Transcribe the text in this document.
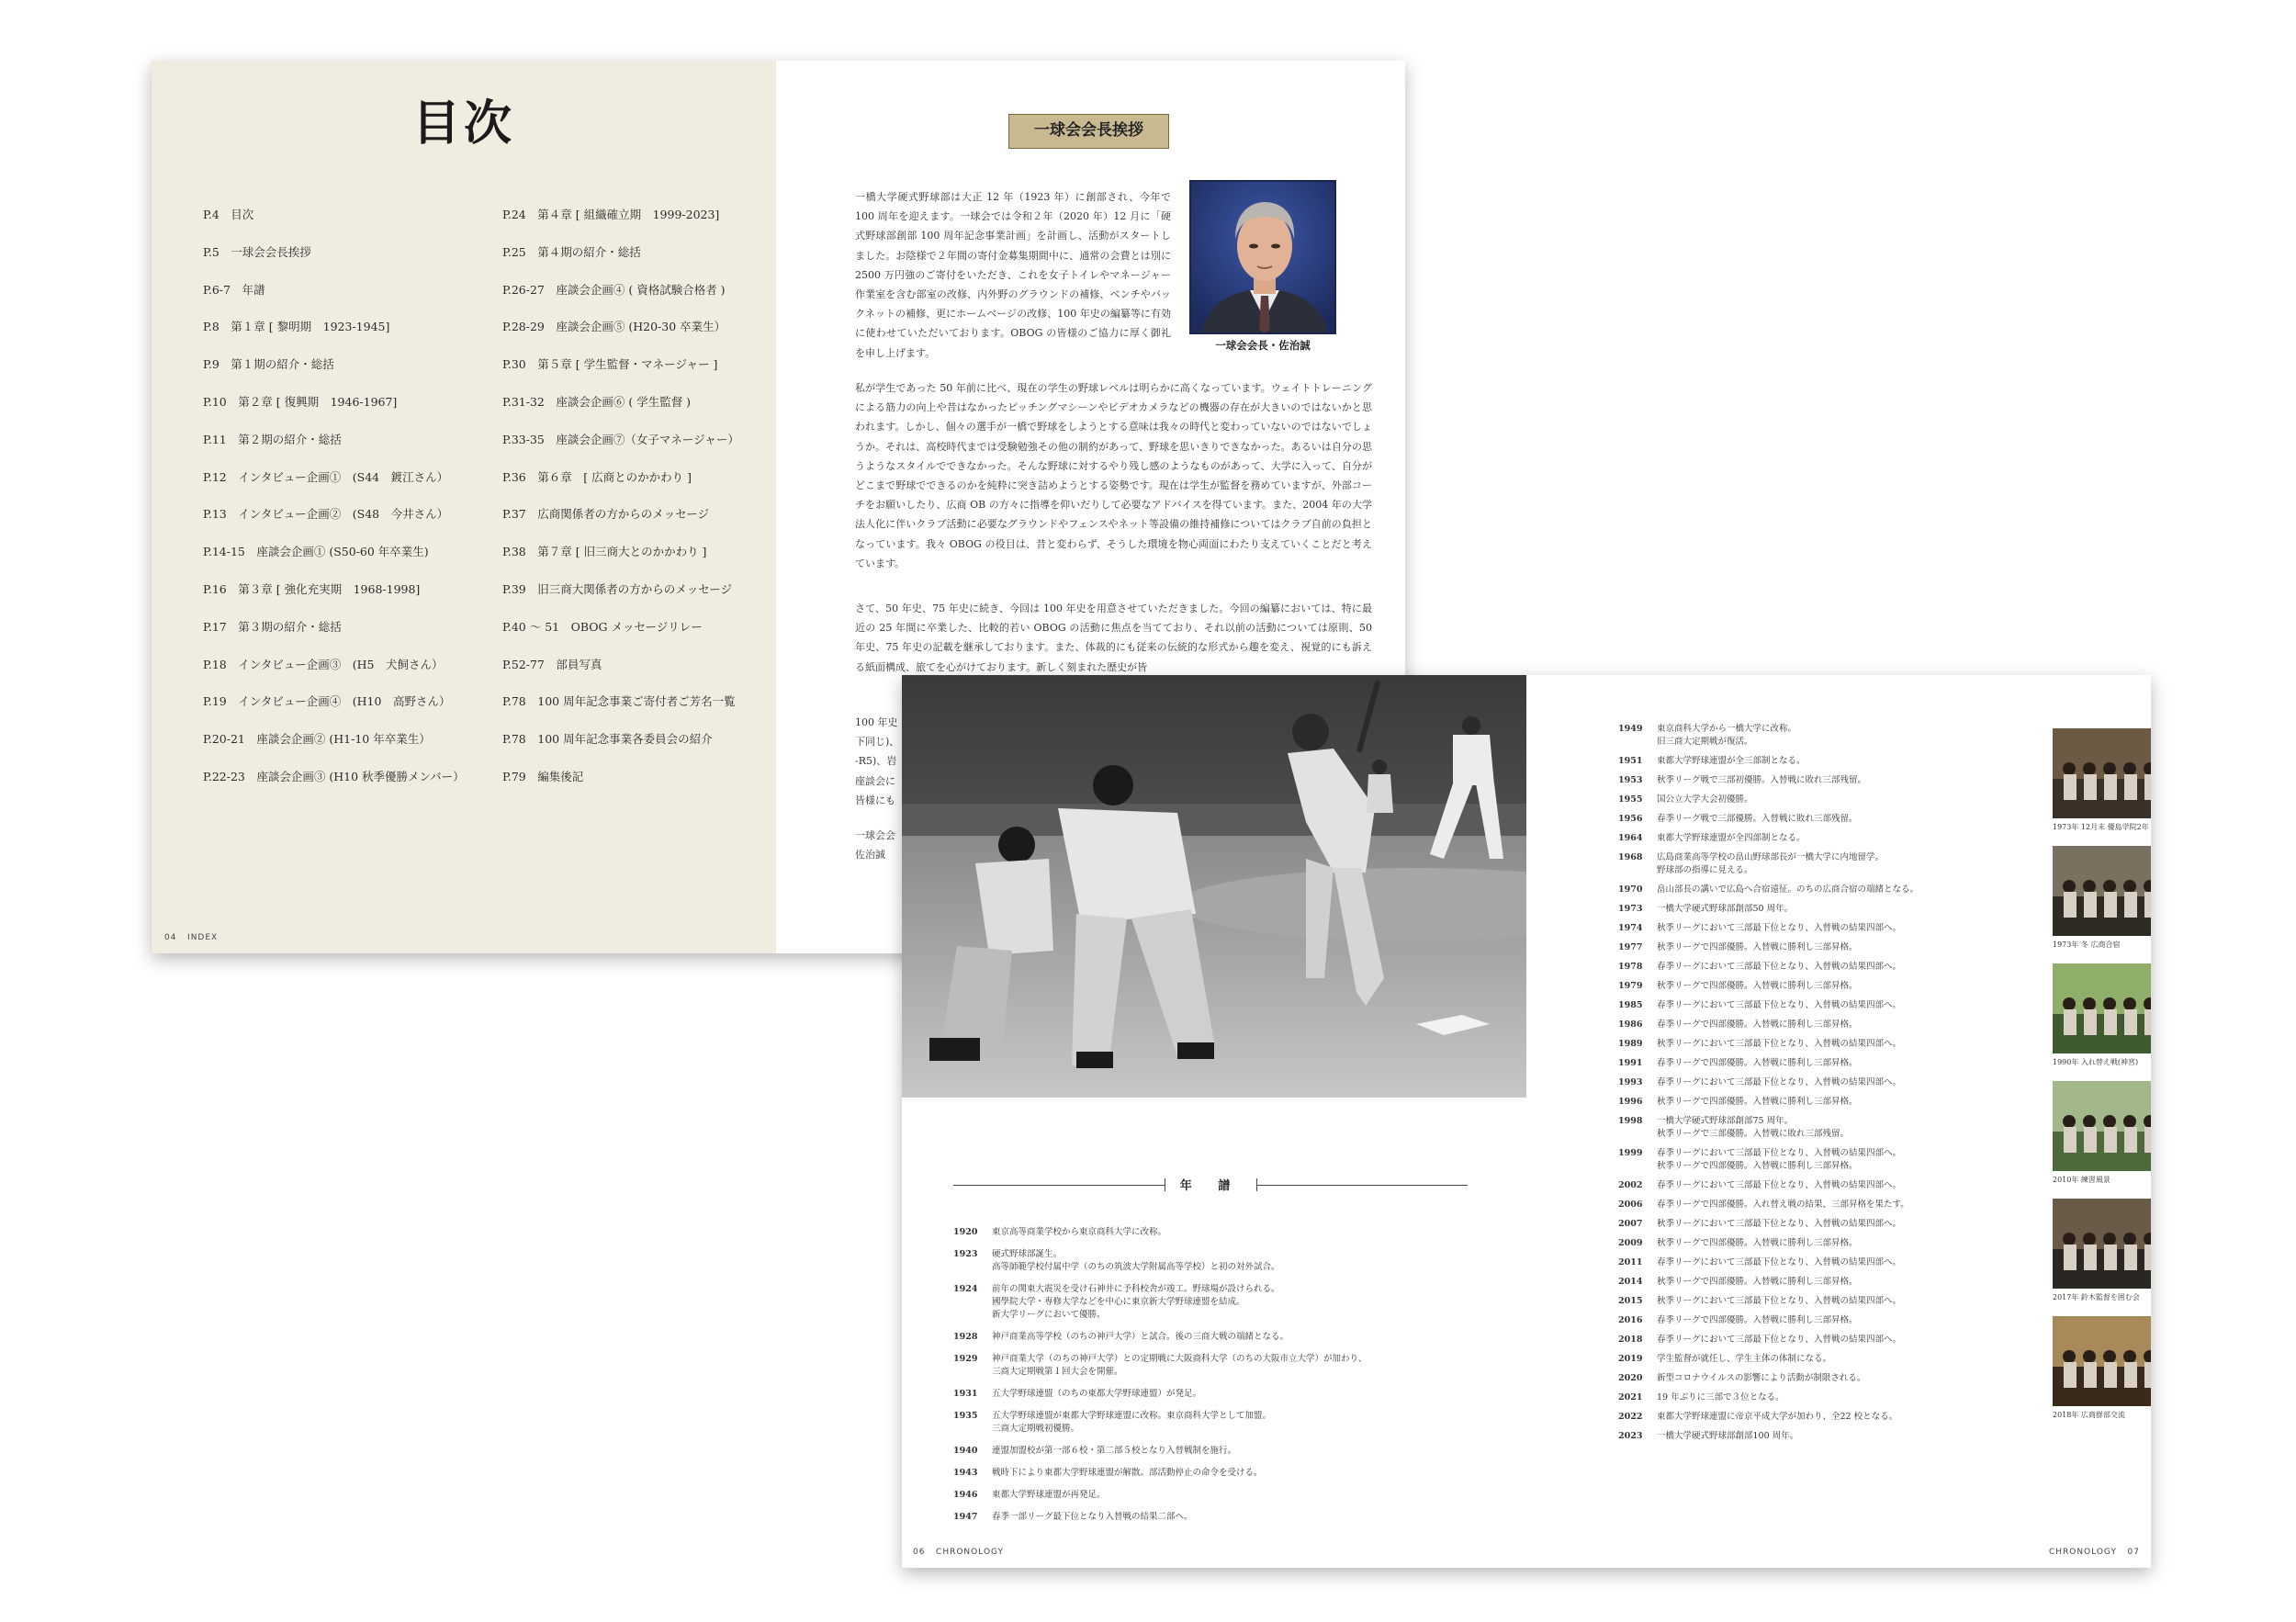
目次
P.4　目次
P.5　一球会会長挨拶
P.6-7　年譜
P.8　第１章 [ 黎明期　1923-1945]
P.9　第１期の紹介・総括
P.10　第２章 [ 復興期　1946-1967]
P.11　第２期の紹介・総括
P.12　インタビュー企画①　(S44　鍍江さん）
P.13　インタビュー企画②　(S48　今井さん）
P.14-15　座談会企画① (S50-60 年卒業生)
P.16　第３章 [ 強化充実期　1968-1998]
P.17　第３期の紹介・総括
P.18　インタビュー企画③　(H5　犬飼さん）
P.19　インタビュー企画④　(H10　高野さん）
P.20-21　座談会企画② (H1-10 年卒業生）
P.22-23　座談会企画③ (H10 秋季優勝メンバー）
P.24　第４章 [ 組織確立期　1999-2023]
P.25　第４期の紹介・総括
P.26-27　座談会企画④ ( 資格試験合格者 )
P.28-29　座談会企画⑤ (H20-30 卒業生）
P.30　第５章 [ 学生監督・マネージャー ]
P.31-32　座談会企画⑥ ( 学生監督 )
P.33-35　座談会企画⑦（女子マネージャー）
P.36　第６章　[ 広商とのかかわり ]
P.37　広商関係者の方からのメッセージ
P.38　第７章 [ 旧三商大とのかかわり ]
P.39　旧三商大関係者の方からのメッセージ
P.40 ～ 51　OBOG メッセージリレー
P.52-77　部員写真
P.78　100 周年記念事業ご寄付者ご芳名一覧
P.78　100 周年記念事業各委員会の紹介
P.79　編集後記
04 INDEX
一球会会長挨拶
一球会会長・佐治誠
一橋大学硬式野球部は大正 12 年（1923 年）に創部され、今年で 100 周年を迎えます。一球会では令和２年（2020 年）12 月に「硬式野球部創部 100 周年記念事業計画」を計画し、活動がスタートしました。お陰様で２年間の寄付金募集期間中に、通常の会費とは別に 2500 万円強のご寄付をいただき、これを女子トイレやマネージャー作業室を含む部室の改修、内外野のグラウンドの補修、ベンチやバックネットの補修、更にホームベージの改修、100 年史の編纂等に有効に使わせていただいております。OBOG の皆様のご協力に厚く御礼を申し上げます。
私が学生であった 50 年前に比べ、現在の学生の野球レベルは明らかに高くなっています。ウェイトトレーニングによる筋力の向上や昔はなかったピッチングマシーンやビデオカメラなどの機器の存在が大きいのではないかと思われます。しかし、個々の選手が一橋で野球をしようとする意味は我々の時代と変わっていないのではないでしょうか。それは、高校時代までは受験勉強その他の制約があって、野球を思いきりできなかった。あるいは自分の思うようなスタイルでできなかった。そんな野球に対するやり残し感のようなものがあって、大学に入って、自分がどこまで野球でできるのかを純粋に突き詰めようとする姿勢です。現在は学生が監督を務めていますが、外部コーチをお願いしたり、広商 OB の方々に指導を仰いだりして必要なアドバイスを得ています。また、2004 年の大学法人化に伴いクラブ活動に必要なグラウンドやフェンスやネット等設備の維持補修についてはクラブ自前の負担となっています。我々 OBOG の役目は、昔と変わらず、そうした環境を物心両面にわたり支えていくことだと考えています。
さて、50 年史、75 年史に続き、今回は 100 年史を用意させていただきました。今回の編纂においては、特に最近の 25 年間に卒業した、比較的若い OBOG の活動に焦点を当てており、それ以前の活動については原則、50 年史、75 年史の記載を継承しております。また、体裁的にも従来の伝統的な形式から趣を変え、視覚的にも訴える紙面構成、旅てを心がけております。新しく刻まれた歴史が皆
100 年史
下同じ)、
-R5)、岩
座談会に
皆様にも
一球会会
佐治誠
年 譜
1920	東京高等商業学校から東京商科大学に改称。
1923	硬式野球部誕生。
高等師範学校付属中学（のちの筑波大学附属高等学校）と初の対外試合。
1924	前年の関東大震災を受け石神井に予科校舎が竣工。野球場が設けられる。
國學院大学・専修大学などを中心に東京新大学野球連盟を結成。
新大学リーグにおいて優勝。
1928	神戸商業高等学校（のちの神戸大学）と試合。後の三商大戦の端緒となる。
1929	神戸商業大学（のちの神戸大学）との定期戦に大阪商科大学（のちの大阪市立大学）が加わり、
三商大定期戦第１回大会を開催。
1931	五大学野球連盟（のちの東都大学野球連盟）が発足。
1935	五大学野球連盟が東都大学野球連盟に改称。東京商科大学として加盟。
三商大定期戦初優勝。
1940	連盟加盟校が第一部６校・第二部５校となり入替戦制を施行。
1943	戦時下により東都大学野球連盟が解散。部活動停止の命令を受ける。
1946	東都大学野球連盟が再発足。
1947	春季一部リーグ最下位となり入替戦の結果二部へ。
06 CHRONOLOGY
1949	東京商科大学から一橋大学に改称。
旧三商大定期戦が復活。
1951	東都大学野球連盟が全三部制となる。
1953	秋季リーグ戦で三部初優勝。入替戦に敗れ三部残留。
1955	国公立大学大会初優勝。
1956	春季リーグ戦で三部優勝。入替戦に敗れ三部残留。
1964	東都大学野球連盟が全四部制となる。
1968	広島商業高等学校の畠山野球部長が一橋大学に内地留学。
野球部の指導に見える。
1970	畠山部長の講いで広島へ合宿遠征。のちの広商合宿の端緒となる。
1973	一橋大学硬式野球部創部50 周年。
1974	秋季リーグにおいて三部最下位となり、入替戦の結果四部へ。
1977	秋季リーグで四部優勝。入替戦に勝利し三部昇格。
1978	春季リーグにおいて三部最下位となり、入替戦の結果四部へ。
1979	秋季リーグで四部優勝。入替戦に勝利し三部昇格。
1985	春季リーグにおいて三部最下位となり、入替戦の結果四部へ。
1986	春季リーグで四部優勝。入替戦に勝利し三部昇格。
1989	秋季リーグにおいて三部最下位となり、入替戦の結果四部へ。
1991	春季リーグで四部優勝。入替戦に勝利し三部昇格。
1993	春季リーグにおいて三部最下位となり、入替戦の結果四部へ。
1996	秋季リーグで四部優勝。入替戦に勝利し三部昇格。
1998	一橋大学硬式野球部創部75 周年。
秋季リーグで三部優勝。入替戦に敗れ三部残留。
1999	春季リーグにおいて三部最下位となり、入替戦の結果四部へ。
秋季リーグで四部優勝。入替戦に勝利し三部昇格。
2002	春季リーグにおいて三部最下位となり、入替戦の結果四部へ。
2006	春季リーグで四部優勝。入れ替え戦の結果、三部昇格を果たす。
2007	秋季リーグにおいて三部最下位となり、入替戦の結果四部へ。
2009	秋季リーグで四部優勝。入替戦に勝利し三部昇格。
2011	春季リーグにおいて三部最下位となり、入替戦の結果四部へ。
2014	秋季リーグで四部優勝。入替戦に勝利し三部昇格。
2015	秋季リーグにおいて三部最下位となり、入替戦の結果四部へ。
2016	春季リーグで四部優勝。入替戦に勝利し三部昇格。
2018	春季リーグにおいて三部最下位となり、入替戦の結果四部へ。
2019	学生監督が就任し、学生主体の体制になる。
2020	新型コロナウイルスの影響により活動が制限される。
2021	19 年ぶりに三部で３位となる。
2022	東都大学野球連盟に帝京平成大学が加わり、全22 校となる。
2023	一橋大学硬式野球部創部100 周年。
1973年 12月末 優島学院2年
1973年 冬 広商合宿
1990年 入れ替え戦(神宮)
2010年 練習風景
2017年 鈴木監督を囲む会
2018年 広商群部交流
CHRONOLOGY 07
